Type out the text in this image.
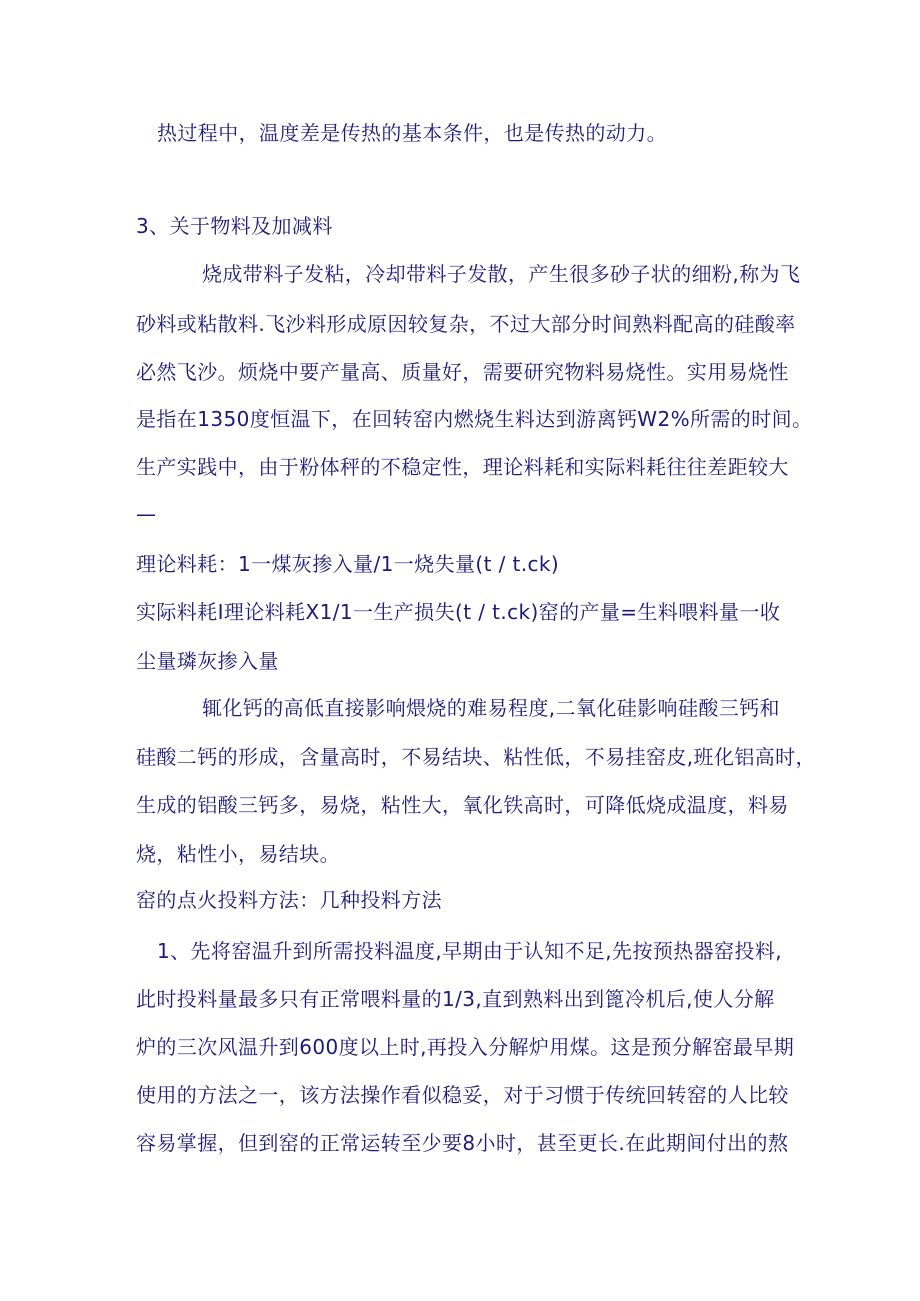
热过程中，温度差是传热的基本条件，也是传热的动力。
3、关于物料及加减料
烧成带料子发粘，冷却带料子发散，产生很多砂子状的细粉,称为飞
砂料或粘散料.飞沙料形成原因较复杂，不过大部分时间熟料配高的硅酸率
必然飞沙。烦烧中要产量高、质量好，需要研究物料易烧性。实用易烧性
是指在1350度恒温下，在回转窑内燃烧生料达到游离钙W2%所需的时间。
生产实践中，由于粉体秤的不稳定性，理论料耗和实际料耗往往差距较大
—
理论料耗：1一煤灰掺入量/1一烧失量(t / t.ck)
实际料耗I理论料耗X1/1一生产损失(t / t.ck)窑的产量=生料喂料量一收
尘量璘灰掺入量
辄化钙的高低直接影响煨烧的难易程度,二氧化硅影响硅酸三钙和
硅酸二钙的形成，含量高时，不易结块、粘性低，不易挂窑皮,班化铝高时，
生成的铝酸三钙多，易烧，粘性大，氧化铁高时，可降低烧成温度，料易
烧，粘性小，易结块。
窑的点火投料方法：几种投料方法
1、先将窑温升到所需投料温度,早期由于认知不足,先按预热器窑投料,
此时投料量最多只有正常喂料量的1/3,直到熟料出到篦冷机后,使人分解
炉的三次风温升到600度以上时,再投入分解炉用煤。这是预分解窑最早期
使用的方法之一，该方法操作看似稳妥，对于习惯于传统回转窑的人比较
容易掌握，但到窑的正常运转至少要8小时，甚至更长.在此期间付出的熬
